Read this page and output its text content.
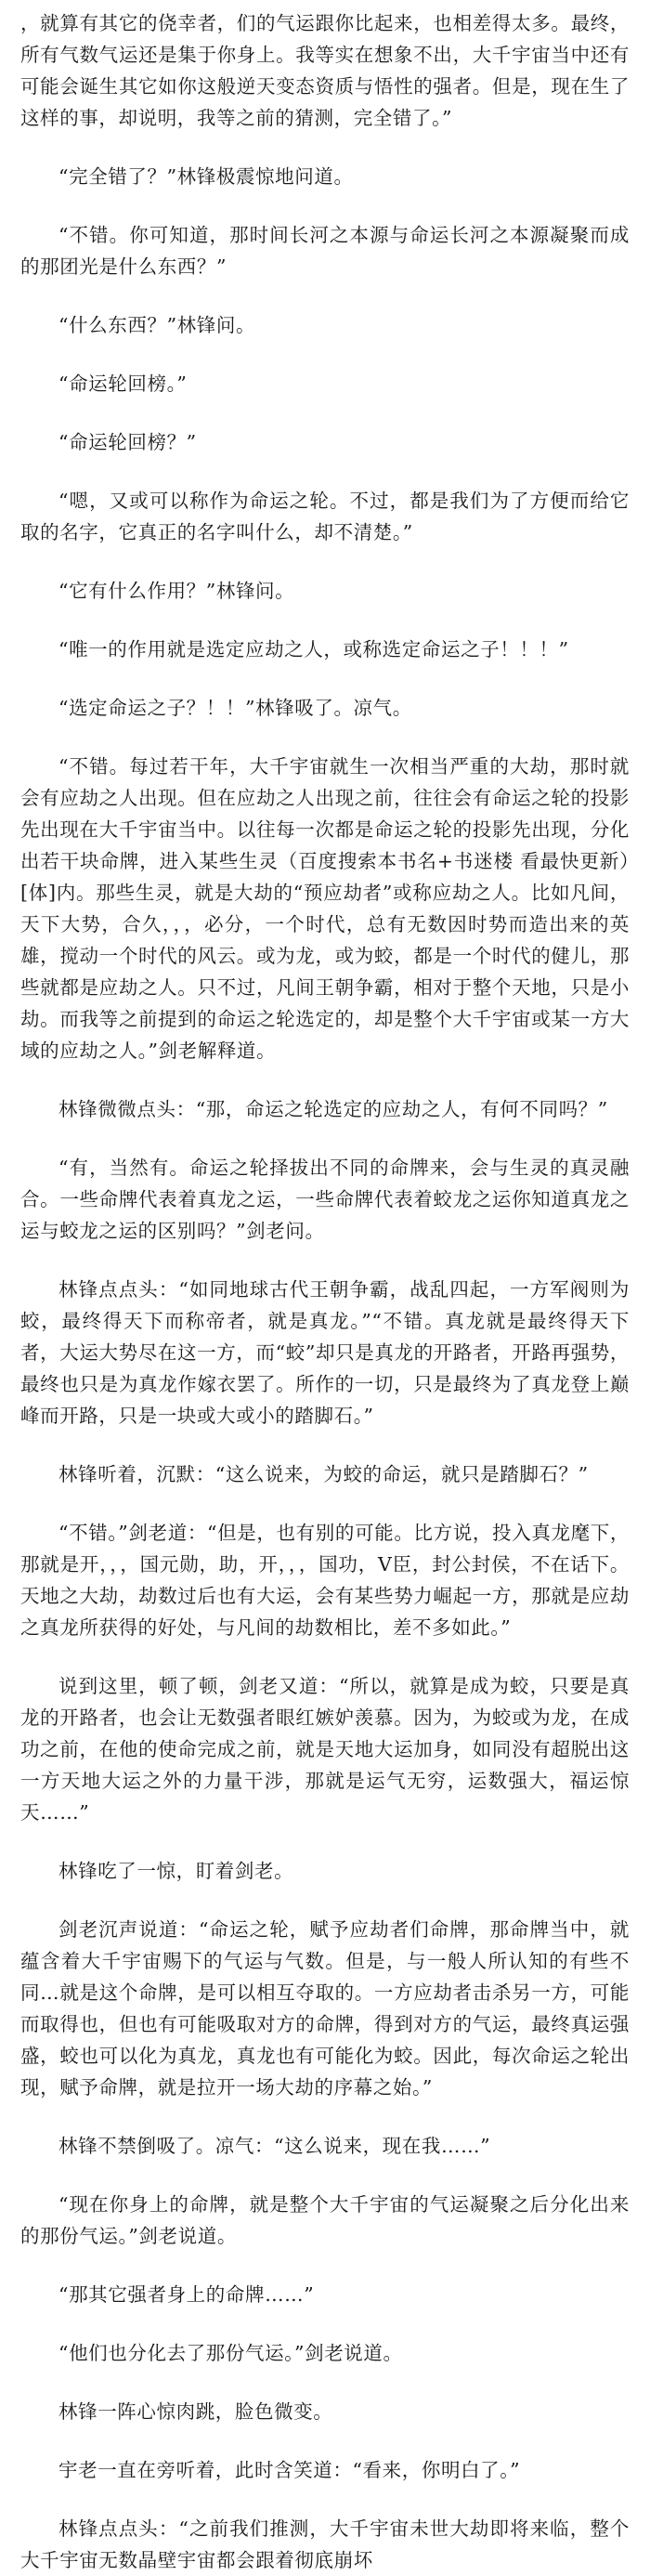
，就算有其它的侥幸者，们的气运跟你比起来，也相差得太多。最终，所有气数气运还是集于你身上。我等实在想象不出，大千宇宙当中还有可能会诞生其它如你这般逆天变态资质与悟性的强者。但是，现在生了这样的事，却说明，我等之前的猜测，完全错了。”

“完全错了？”林锋极震惊地问道。

“不错。你可知道，那时间长河之本源与命运长河之本源凝聚而成的那团光是什么东西？”

“什么东西？”林锋问。

“命运轮回榜。”

“命运轮回榜？”

“嗯，又或可以称作为命运之轮。不过，都是我们为了方便而给它取的名字，它真正的名字叫什么，却不清楚。”

“它有什么作用？”林锋问。

“唯一的作用就是选定应劫之人，或称选定命运之子！！！”

“选定命运之子？！！”林锋吸了。凉气。

“不错。每过若干年，大千宇宙就生一次相当严重的大劫，那时就会有应劫之人出现。但在应劫之人出现之前，往往会有命运之轮的投影先出现在大千宇宙当中。以往每一次都是命运之轮的投影先出现，分化出若干块命牌，进入某些生灵（百度搜索本书名+书迷楼 看最快更新）[体]内。那些生灵，就是大劫的“预应劫者”或称应劫之人。比如凡间，天下大势，合久，，，必分，一个时代，总有无数因时势而造出来的英雄，搅动一个时代的风云。或为龙，或为蛟，都是一个时代的健儿，那些就都是应劫之人。只不过，凡间王朝争霸，相对于整个天地，只是小劫。而我等之前提到的命运之轮选定的，却是整个大千宇宙或某一方大域的应劫之人。”剑老解释道。

林锋微微点头：“那，命运之轮选定的应劫之人，有何不同吗？”

“有，当然有。命运之轮择拔出不同的命牌来，会与生灵的真灵融合。一些命牌代表着真龙之运，一些命牌代表着蛟龙之运你知道真龙之运与蛟龙之运的区别吗？”剑老问。

林锋点点头：“如同地球古代王朝争霸，战乱四起，一方军阀则为蛟，最终得天下而称帝者，就是真龙。”“不错。真龙就是最终得天下者，大运大势尽在这一方，而“蛟”却只是真龙的开路者，开路再强势，最终也只是为真龙作嫁衣罢了。所作的一切，只是最终为了真龙登上巅峰而开路，只是一块或大或小的踏脚石。”

林锋听着，沉默：“这么说来，为蛟的命运，就只是踏脚石？”

“不错。”剑老道：“但是，也有别的可能。比方说，投入真龙麾下，那就是开，，，国元勋，助，开，，，国功，V臣，封公封侯，不在话下。天地之大劫，劫数过后也有大运，会有某些势力崛起一方，那就是应劫之真龙所获得的好处，与凡间的劫数相比，差不多如此。”

说到这里，顿了顿，剑老又道：“所以，就算是成为蛟，只要是真龙的开路者，也会让无数强者眼红嫉妒羡慕。因为，为蛟或为龙，在成功之前，在他的使命完成之前，就是天地大运加身，如同没有超脱出这一方天地大运之外的力量干涉，那就是运气无穷，运数强大，福运惊天……”

林锋吃了一惊，盯着剑老。

剑老沉声说道：“命运之轮，赋予应劫者们命牌，那命牌当中，就蕴含着大千宇宙赐下的气运与气数。但是，与一般人所认知的有些不同…就是这个命牌，是可以相互夺取的。一方应劫者击杀另一方，可能而取得也，但也有可能吸取对方的命牌，得到对方的气运，最终真运强盛，蛟也可以化为真龙，真龙也有可能化为蛟。因此，每次命运之轮出现，赋予命牌，就是拉开一场大劫的序幕之始。”

林锋不禁倒吸了。凉气：“这么说来，现在我……”

“现在你身上的命牌，就是整个大千宇宙的气运凝聚之后分化出来的那份气运。”剑老说道。

“那其它强者身上的命牌……”

“他们也分化去了那份气运。”剑老说道。

林锋一阵心惊肉跳，脸色微变。

宇老一直在旁听着，此时含笑道：“看来，你明白了。”

林锋点点头：“之前我们推测，大千宇宙未世大劫即将来临，整个大千宇宙无数晶壁宇宙都会跟着彻底崩坏
